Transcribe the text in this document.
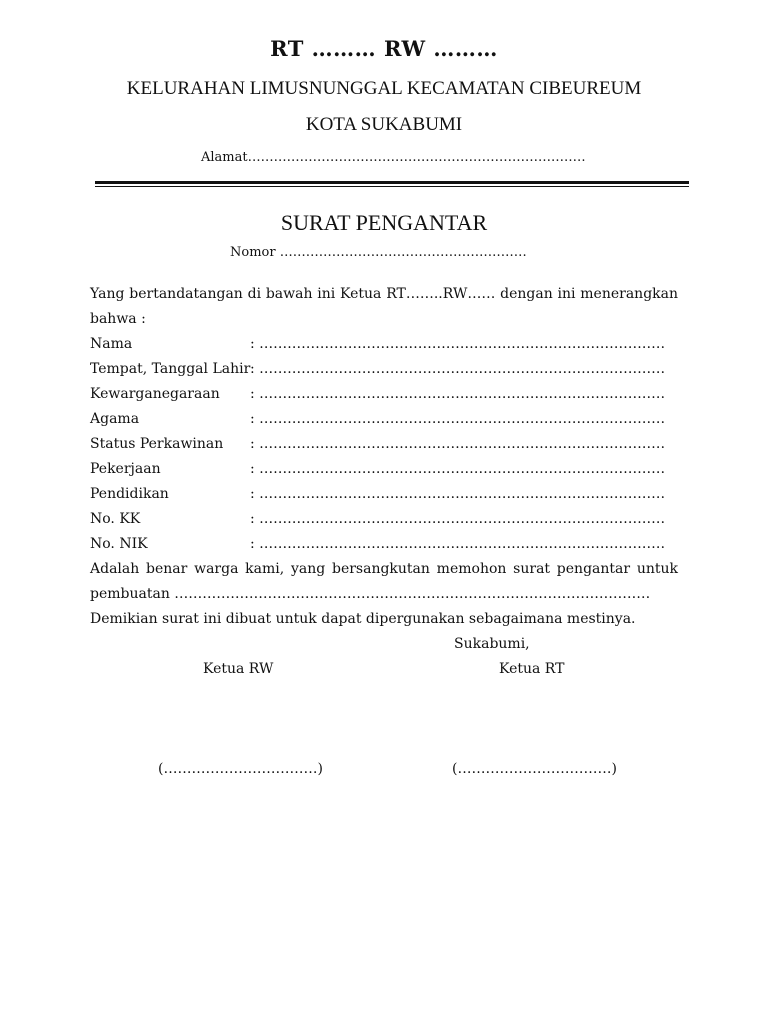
RT ……… RW ………
KELURAHAN LIMUSNUNGGAL KECAMATAN CIBEUREUM
KOTA SUKABUMI
Alamat……………………………………………………………………
SURAT PENGANTAR
Nomor …………………………………………………
Yang bertandatangan di bawah ini Ketua RT……..RW…… dengan ini menerangkan
bahwa :
Nama	: ……………………………………………………………………………
Tempat, Tanggal Lahir : ……………………………………………………………………………
Kewarganegaraan : ……………………………………………………………………………
Agama	: ……………………………………………………………………………
Status Perkawinan : ……………………………………………………………………………
Pekerjaan	: ……………………………………………………………………………
Pendidikan	: ……………………………………………………………………………
No. KK	: ……………………………………………………………………………
No. NIK	: ……………………………………………………………………………
Adalah benar warga kami, yang bersangkutan memohon surat pengantar untuk
pembuatan …………………………………………………………………………………………
Demikian surat ini dibuat untuk dapat dipergunakan sebagaimana mestinya.
Sukabumi,
Ketua RW	Ketua RT
(……………………………)	(……………………………)
